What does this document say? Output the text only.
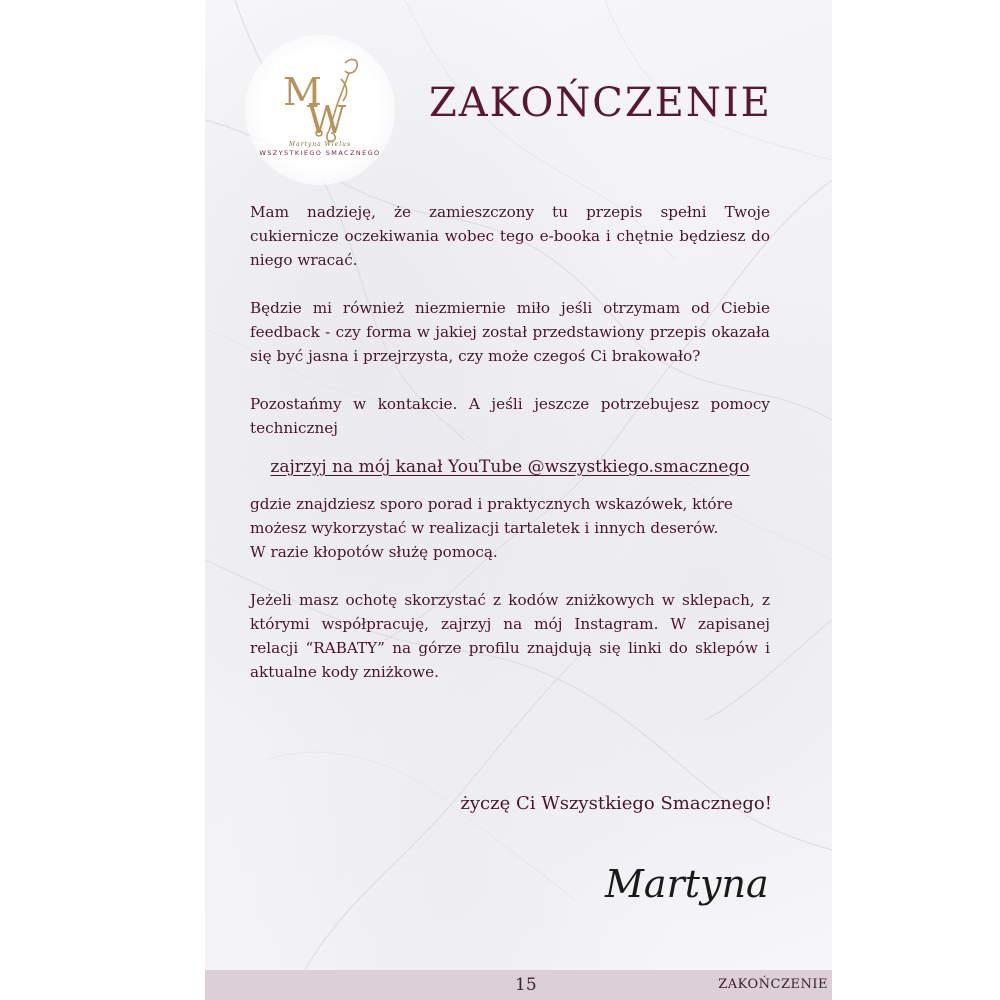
M
W
Martyna Wielus
WSZYSTKIEGO SMACZNEGO
ZAKOŃCZENIE

Mam nadzieję, że zamieszczony tu przepis spełni Twoje cukiernicze oczekiwania wobec tego e-booka i chętnie będziesz do niego wracać.

Będzie mi również niezmiernie miło jeśli otrzymam od Ciebie feedback - czy forma w jakiej został przedstawiony przepis okazała się być jasna i przejrzysta, czy może czegoś Ci brakowało?

Pozostańmy w kontakcie. A jeśli jeszcze potrzebujesz pomocy technicznej

zajrzyj na mój kanał YouTube @wszystkiego.smacznego

gdzie znajdziesz sporo porad i praktycznych wskazówek, które możesz wykorzystać w realizacji tartaletek i innych deserów.

W razie kłopotów służę pomocą.

Jeżeli masz ochotę skorzystać z kodów zniżkowych w sklepach, z którymi współpracuję, zajrzyj na mój Instagram. W zapisanej relacji “RABATY” na górze profilu znajdują się linki do sklepów i aktualne kody zniżkowe.

życzę Ci Wszystkiego Smacznego!
Martyna
15	ZAKOŃCZENIE
